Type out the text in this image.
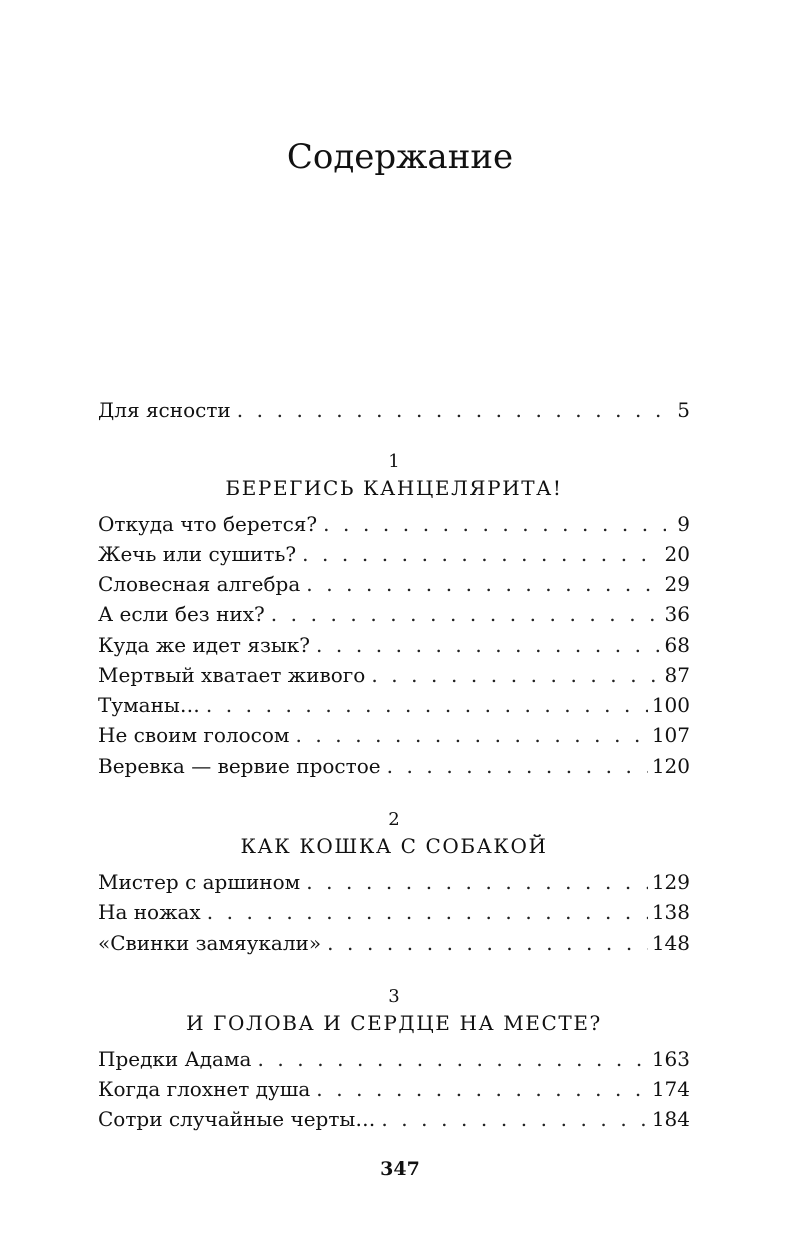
Содержание
Для ясности . . .	5
1
БЕРЕГИСЬ КАНЦЕЛЯРИТА!
Откуда что берется? . . .	9
Жечь или сушить? . . .	20
Словесная алгебра . . .	29
А если без них? . . .	36
Куда же идет язык? . . .	68
Мертвый хватает живого . . .	87
Туманы… . . .	100
Не своим голосом . . .	107
Веревка — вервие простое . . .	120
2
КАК КОШКА С СОБАКОЙ
Мистер с аршином . . .	129
На ножах . . .	138
«Свинки замяукали» . . .	148
3
И ГОЛОВА И СЕРДЦЕ НА МЕСТЕ?
Предки Адама . . .	163
Когда глохнет душа . . .	174
Сотри случайные черты… . . .	184
347
